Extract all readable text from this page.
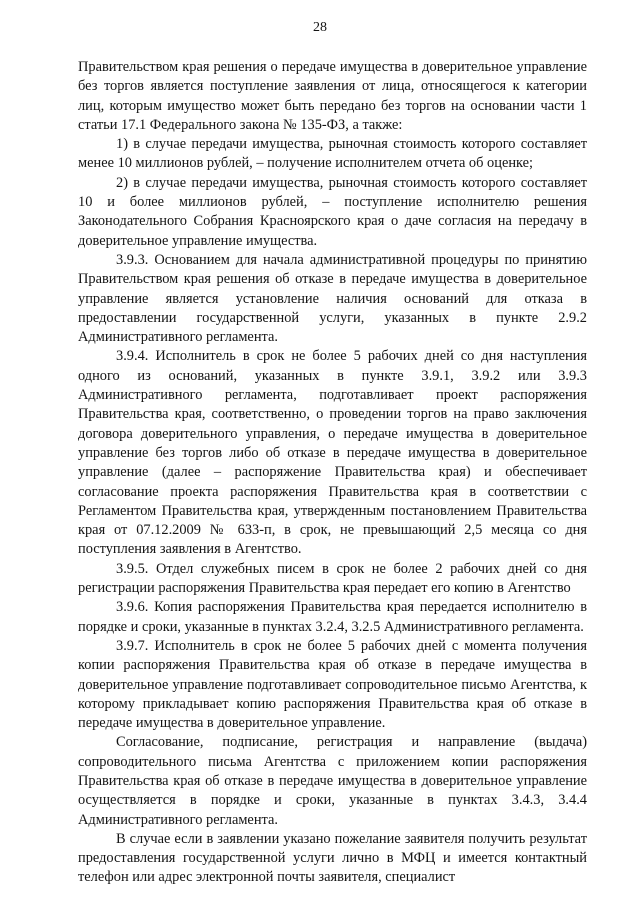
28

Правительством края решения о передаче имущества в доверительное управление без торгов является поступление заявления от лица, относящегося к категории лиц, которым имущество может быть передано без торгов на основании части 1 статьи 17.1 Федерального закона № 135-ФЗ, а также:

1) в случае передачи имущества, рыночная стоимость которого составляет менее 10 миллионов рублей, – получение исполнителем отчета об оценке;

2) в случае передачи имущества, рыночная стоимость которого составляет 10 и более миллионов рублей, – поступление исполнителю решения Законодательного Собрания Красноярского края о даче согласия на передачу в доверительное управление имущества.

3.9.3. Основанием для начала административной процедуры по принятию Правительством края решения об отказе в передаче имущества в доверительное управление является установление наличия оснований для отказа в предоставлении государственной услуги, указанных в пункте 2.9.2 Административного регламента.

3.9.4. Исполнитель в срок не более 5 рабочих дней со дня наступления одного из оснований, указанных в пункте 3.9.1, 3.9.2 или 3.9.3 Административного регламента, подготавливает проект распоряжения Правительства края, соответственно, о проведении торгов на право заключения договора доверительного управления, о передаче имущества в доверительное управление без торгов либо об отказе в передаче имущества в доверительное управление (далее – распоряжение Правительства края) и обеспечивает согласование проекта распоряжения Правительства края в соответствии с Регламентом Правительства края, утвержденным постановлением Правительства края от 07.12.2009 № 633-п, в срок, не превышающий 2,5 месяца со дня поступления заявления в Агентство.

3.9.5. Отдел служебных писем в срок не более 2 рабочих дней со дня регистрации распоряжения Правительства края передает его копию в Агентство

3.9.6. Копия распоряжения Правительства края передается исполнителю в порядке и сроки, указанные в пунктах 3.2.4, 3.2.5 Административного регламента.

3.9.7. Исполнитель в срок не более 5 рабочих дней с момента получения копии распоряжения Правительства края об отказе в передаче имущества в доверительное управление подготавливает сопроводительное письмо Агентства, к которому прикладывает копию распоряжения Правительства края об отказе в передаче имущества в доверительное управление.

Согласование, подписание, регистрация и направление (выдача) сопроводительного письма Агентства с приложением копии распоряжения Правительства края об отказе в передаче имущества в доверительное управление осуществляется в порядке и сроки, указанные в пунктах 3.4.3, 3.4.4 Административного регламента.

В случае если в заявлении указано пожелание заявителя получить результат предоставления государственной услуги лично в МФЦ и имеется контактный телефон или адрес электронной почты заявителя, специалист
